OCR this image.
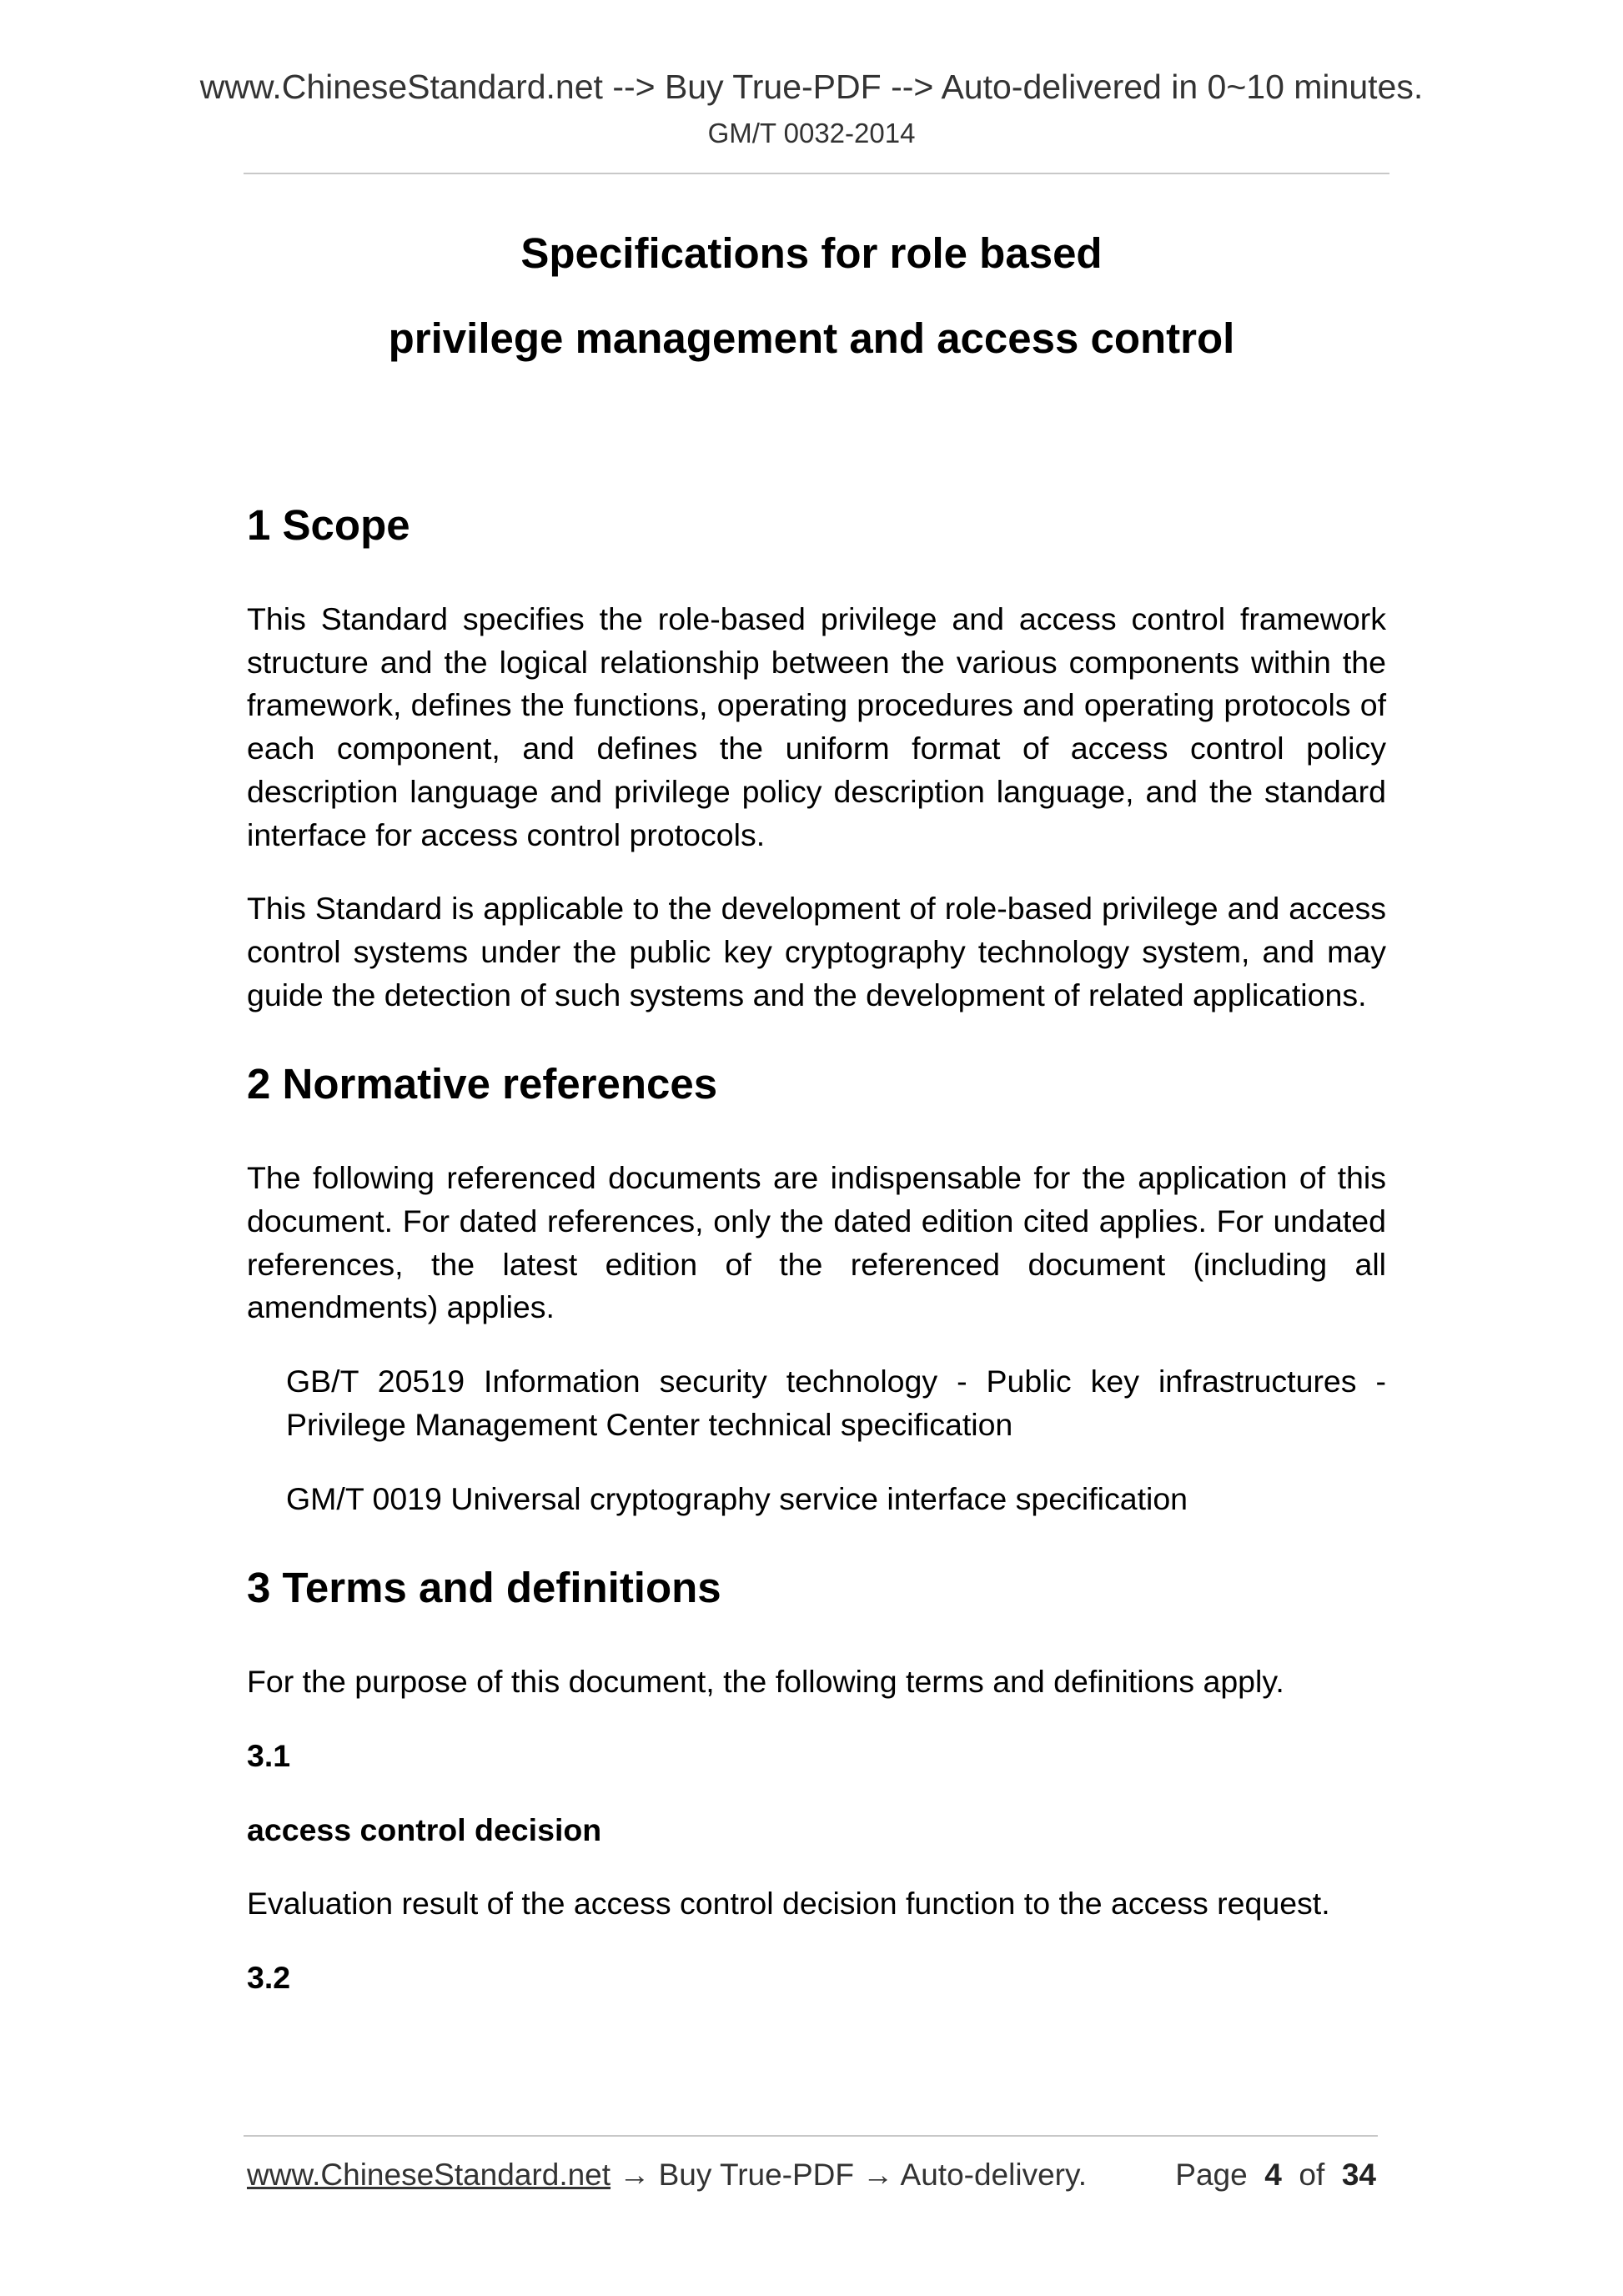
www.ChineseStandard.net --> Buy True-PDF --> Auto-delivered in 0~10 minutes.
GM/T 0032-2014
Specifications for role based
privilege management and access control
1 Scope

This Standard specifies the role-based privilege and access control framework structure and the logical relationship between the various components within the framework, defines the functions, operating procedures and operating protocols of each component, and defines the uniform format of access control policy description language and privilege policy description language, and the standard interface for access control protocols.

This Standard is applicable to the development of role-based privilege and access control systems under the public key cryptography technology system, and may guide the detection of such systems and the development of related applications.

2 Normative references

The following referenced documents are indispensable for the application of this document. For dated references, only the dated edition cited applies. For undated references, the latest edition of the referenced document (including all amendments) applies.

GB/T 20519 Information security technology - Public key infrastructures - Privilege Management Center technical specification

GM/T 0019 Universal cryptography service interface specification

3 Terms and definitions

For the purpose of this document, the following terms and definitions apply.

3.1

access control decision

Evaluation result of the access control decision function to the access request.

3.2

www.ChineseStandard.net → Buy True-PDF → Auto-delivery.	Page 4 of 34
